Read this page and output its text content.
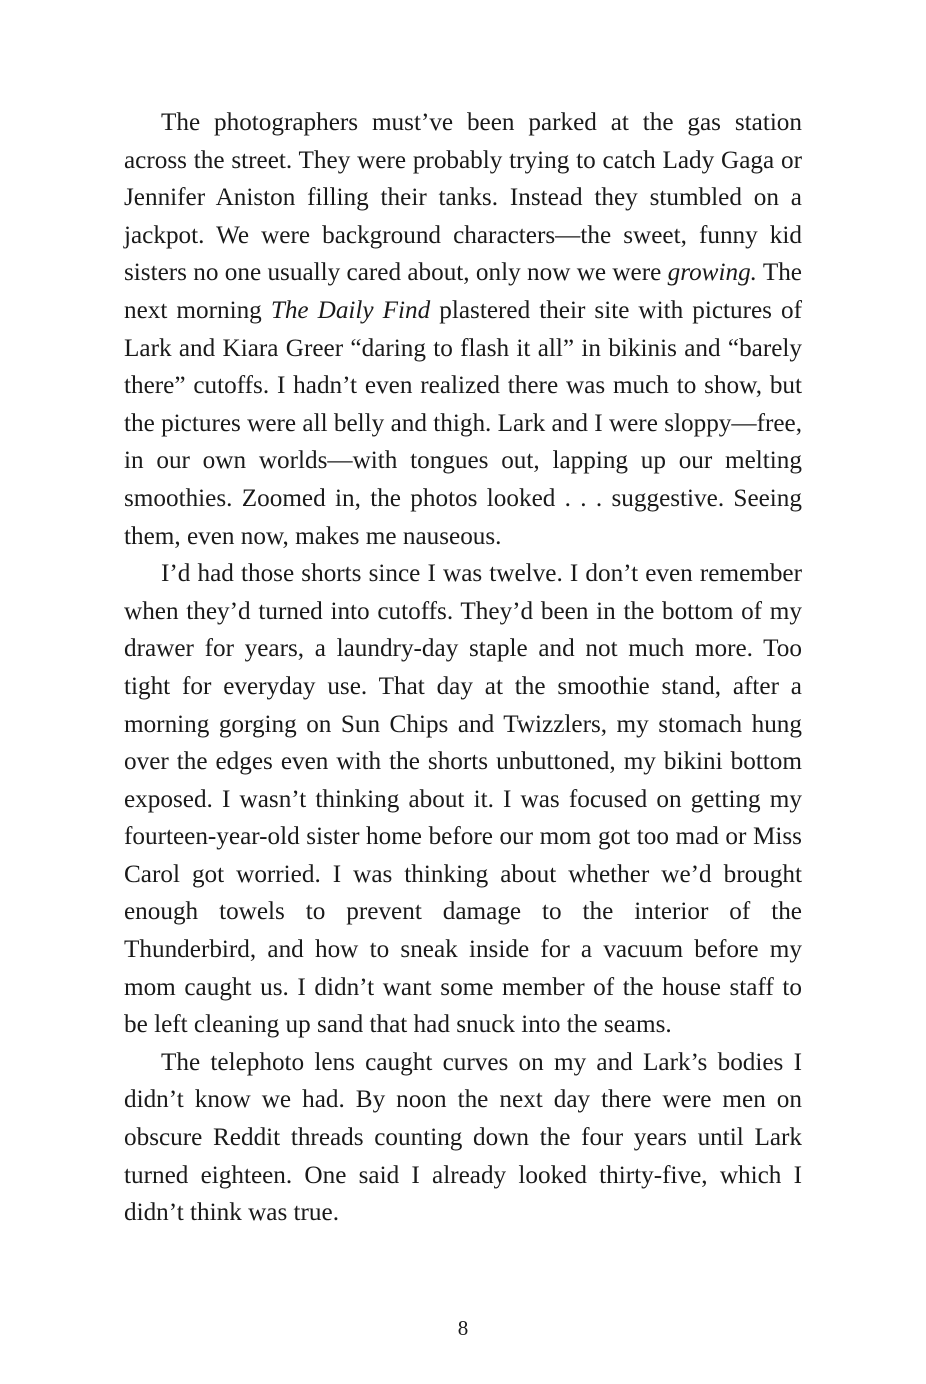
The photographers must’ve been parked at the gas station across the street. They were probably trying to catch Lady Gaga or Jennifer Aniston filling their tanks. Instead they stumbled on a jackpot. We were background characters—the sweet, funny kid sisters no one usually cared about, only now we were growing. The next morning The Daily Find plastered their site with pictures of Lark and Kiara Greer “daring to flash it all” in bikinis and “barely there” cutoffs. I hadn’t even realized there was much to show, but the pictures were all belly and thigh. Lark and I were sloppy—free, in our own worlds—with tongues out, lapping up our melting smoothies. Zoomed in, the photos looked . . . suggestive. Seeing them, even now, makes me nauseous.

I’d had those shorts since I was twelve. I don’t even remember when they’d turned into cutoffs. They’d been in the bottom of my drawer for years, a laundry-day staple and not much more. Too tight for everyday use. That day at the smoothie stand, after a morning gorging on Sun Chips and Twizzlers, my stomach hung over the edges even with the shorts unbuttoned, my bikini bottom exposed. I wasn’t thinking about it. I was focused on getting my fourteen-year-old sister home before our mom got too mad or Miss Carol got worried. I was thinking about whether we’d brought enough towels to prevent damage to the interior of the Thunderbird, and how to sneak inside for a vacuum before my mom caught us. I didn’t want some member of the house staff to be left cleaning up sand that had snuck into the seams.

The telephoto lens caught curves on my and Lark’s bodies I didn’t know we had. By noon the next day there were men on obscure Reddit threads counting down the four years until Lark turned eighteen. One said I already looked thirty-five, which I didn’t think was true.

8
